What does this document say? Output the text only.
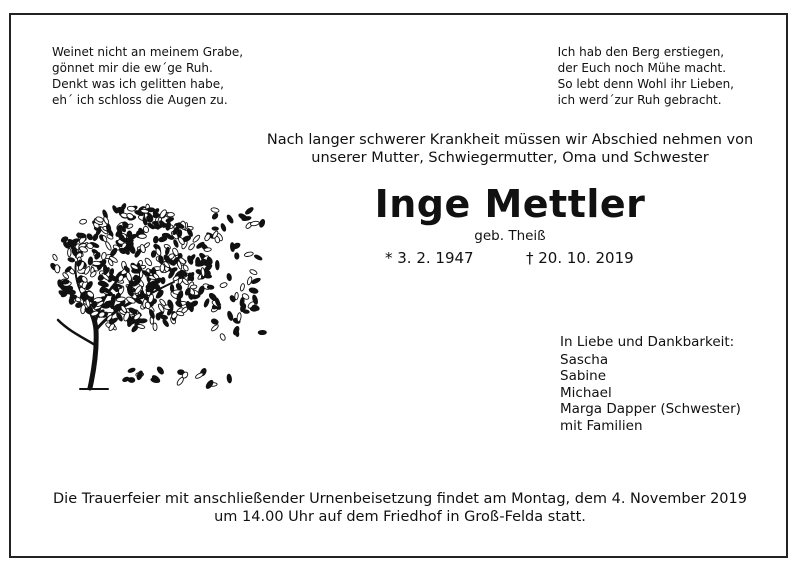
Weinet nicht an meinem Grabe,
gönnet mir die ew´ge Ruh.
Denkt was ich gelitten habe,
eh´ ich schloss die Augen zu.
Ich hab den Berg erstiegen,
der Euch noch Mühe macht.
So lebt denn Wohl ihr Lieben,
ich werd´zur Ruh gebracht.
Nach langer schwerer Krankheit müssen wir Abschied nehmen von
unserer Mutter, Schwiegermutter, Oma und Schwester
Inge Mettler
geb. Theiß
* 3. 2. 1947	† 20. 10. 2019
In Liebe und Dankbarkeit:
Sascha
Sabine
Michael
Marga Dapper (Schwester)
mit Familien
Die Trauerfeier mit anschließender Urnenbeisetzung findet am Montag, dem 4. November 2019
um 14.00 Uhr auf dem Friedhof in Groß-Felda statt.
